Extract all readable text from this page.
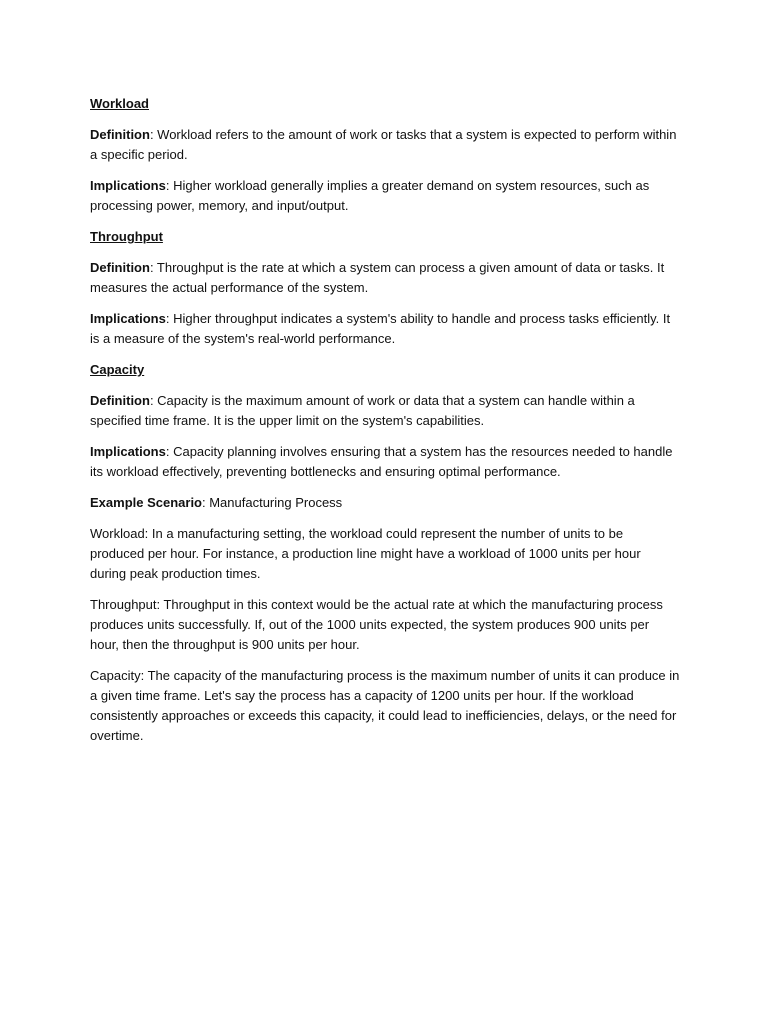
Workload
Definition: Workload refers to the amount of work or tasks that a system is expected to perform within a specific period.
Implications: Higher workload generally implies a greater demand on system resources, such as processing power, memory, and input/output.
Throughput
Definition: Throughput is the rate at which a system can process a given amount of data or tasks. It measures the actual performance of the system.
Implications: Higher throughput indicates a system's ability to handle and process tasks efficiently. It is a measure of the system's real-world performance.
Capacity
Definition: Capacity is the maximum amount of work or data that a system can handle within a specified time frame. It is the upper limit on the system's capabilities.
Implications: Capacity planning involves ensuring that a system has the resources needed to handle its workload effectively, preventing bottlenecks and ensuring optimal performance.
Example Scenario: Manufacturing Process
Workload: In a manufacturing setting, the workload could represent the number of units to be produced per hour. For instance, a production line might have a workload of 1000 units per hour during peak production times.
Throughput: Throughput in this context would be the actual rate at which the manufacturing process produces units successfully. If, out of the 1000 units expected, the system produces 900 units per hour, then the throughput is 900 units per hour.
Capacity: The capacity of the manufacturing process is the maximum number of units it can produce in a given time frame. Let's say the process has a capacity of 1200 units per hour. If the workload consistently approaches or exceeds this capacity, it could lead to inefficiencies, delays, or the need for overtime.
